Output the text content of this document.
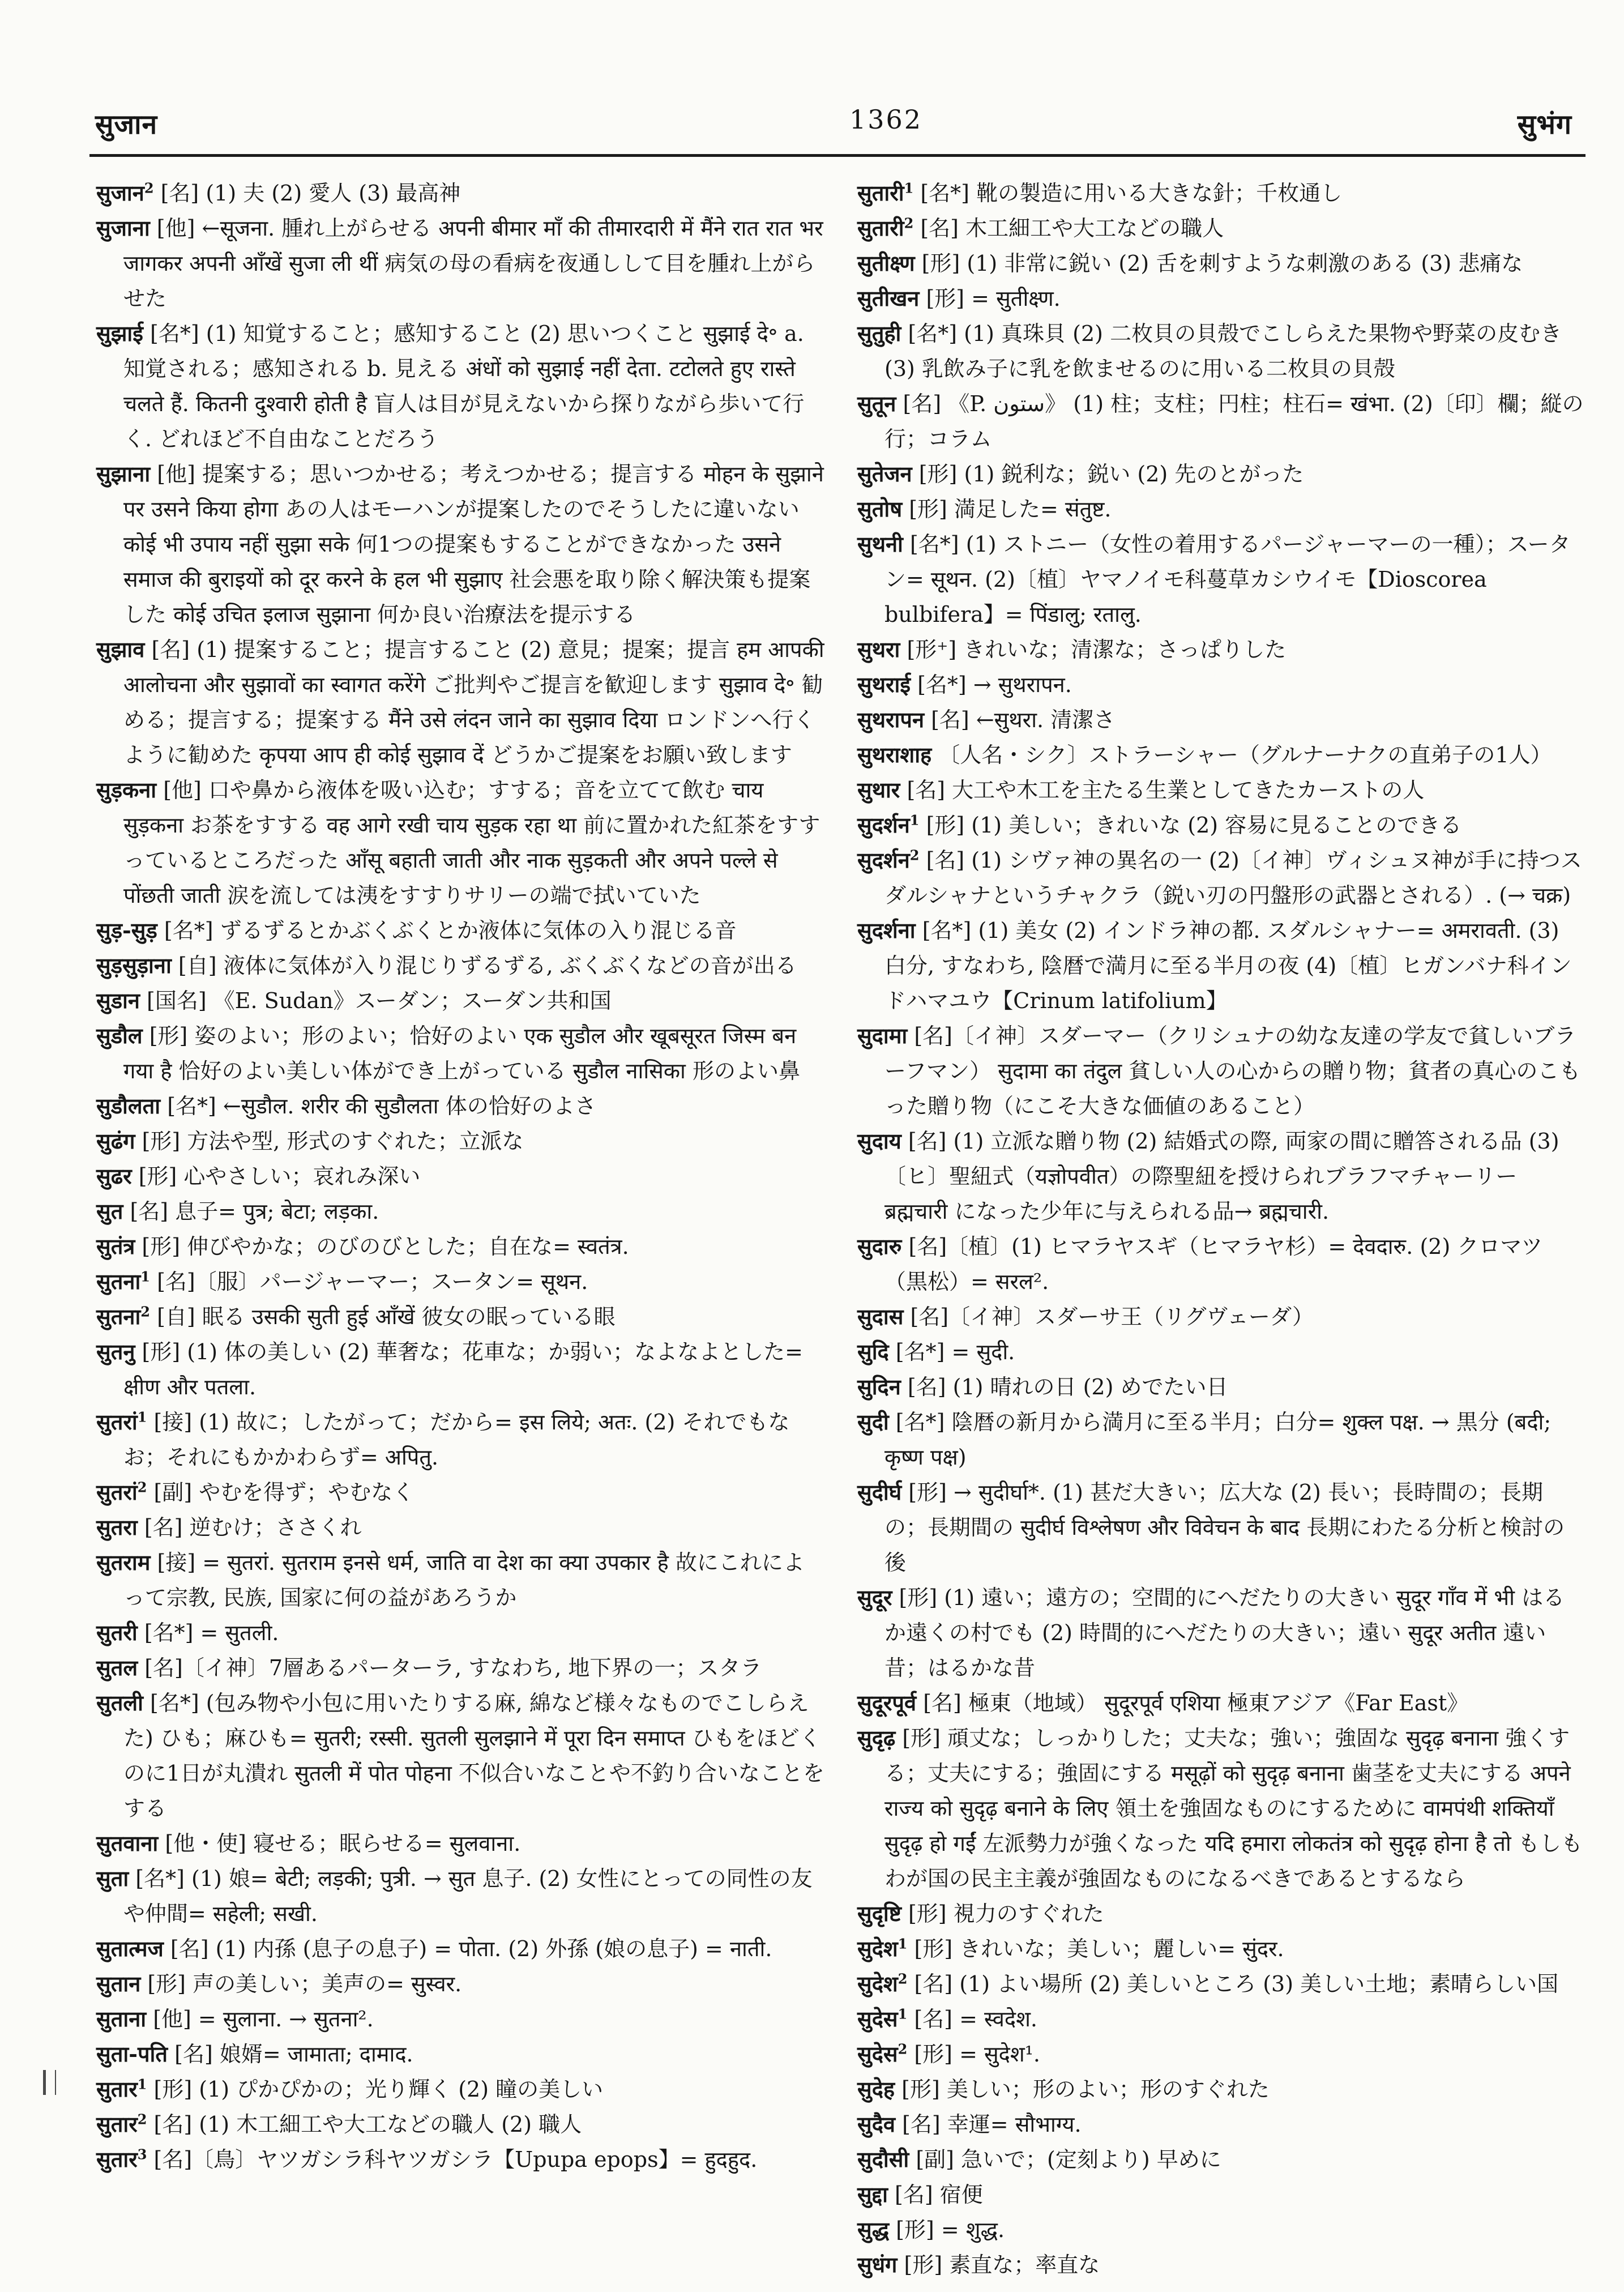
सुजान	1362	सुभंग
सुजान$^2$ [名] (1) 夫 (2) 愛人 (3) 最高神
सुजाना [他] ←सूजना. 腫れ上がらせる अपनी बीमार माँ की तीमारदारी में मैंने रात रात भर जागकर अपनी आँखें सुजा ली थीं 病気の母の看病を夜通しして目を腫れ上がらせた
सुझाई [名*] (1) 知覚すること；感知すること (2) 思いつくこと सुझाई दे॰ a. 知覚される；感知される b. 見える अंधों को सुझाई नहीं देता. टटोलते हुए रास्ते चलते हैं. कितनी दुश्वारी होती है 盲人は目が見えないから探りながら歩いて行く. どれほど不自由なことだろう
सुझाना [他] 提案する；思いつかせる；考えつかせる；提言する मोहन के सुझाने पर उसने किया होगा あの人はモーハンが提案したのでそうしたに違いない कोई भी उपाय नहीं सुझा सके 何1つの提案もすることができなかった उसने समाज की बुराइयों को दूर करने के हल भी सुझाए 社会悪を取り除く解決策も提案した कोई उचित इलाज सुझाना 何か良い治療法を提示する
सुझाव [名] (1) 提案すること；提言すること (2) 意見；提案；提言 हम आपकी आलोचना और सुझावों का स्वागत करेंगे ご批判やご提言を歓迎します सुझाव दे॰ 勧める；提言する；提案する मैंने उसे लंदन जाने का सुझाव दिया ロンドンへ行くように勧めた कृपया आप ही कोई सुझाव दें どうかご提案をお願い致します
सुड़कना [他] 口や鼻から液体を吸い込む；すする；音を立てて飲む चाय सुड़कना お茶をすする वह आगे रखी चाय सुड़क रहा था 前に置かれた紅茶をすすっているところだった आँसू बहाती जाती और नाक सुड़कती और अपने पल्ले से पोंछती जाती 涙を流しては洟をすすりサリーの端で拭いていた
सुड़-सुड़ [名*] ずるずるとかぶくぶくとか液体に気体の入り混じる音
सुड़सुड़ाना [自] 液体に気体が入り混じりずるずる, ぶくぶくなどの音が出る
सुडान [国名] 《E. Sudan》スーダン；スーダン共和国
सुडौल [形] 姿のよい；形のよい；恰好のよい एक सुडौल और खूबसूरत जिस्म बन गया है 恰好のよい美しい体ができ上がっている सुडौल नासिका 形のよい鼻
सुडौलता [名*] ←सुडौल. शरीर की सुडौलता 体の恰好のよさ
सुढंग [形] 方法や型, 形式のすぐれた；立派な
सुढर [形] 心やさしい；哀れみ深い
सुत [名] 息子= पुत्र; बेटा; लड़का.
सुतंत्र [形] 伸びやかな；のびのびとした；自在な= स्वतंत्र.
सुतना$^1$ [名]〔服〕パージャーマー；スータン= सूथन.
सुतना$^2$ [自] 眠る उसकी सुती हुई आँखें 彼女の眠っている眼
सुतनु [形] (1) 体の美しい (2) 華奢な；花車な；か弱い；なよなよとした= क्षीण और पतला.
सुतरां$^1$ [接] (1) 故に；したがって；だから= इस लिये; अतः. (2) それでもなお；それにもかかわらず= अपितु.
सुतरां$^2$ [副] やむを得ず；やむなく
सुतरा [名] 逆むけ；ささくれ
सुतराम [接] = सुतरां. सुतराम इनसे धर्म, जाति वा देश का क्या उपकार है 故にこれによって宗教, 民族, 国家に何の益があろうか
सुतरी [名*] = सुतली.
सुतल [名]〔イ神〕7層あるパーターラ, すなわち, 地下界の一；スタラ
सुतली [名*] (包み物や小包に用いたりする麻, 綿など様々なものでこしらえた) ひも；麻ひも= सुतरी; रस्सी. सुतली सुलझाने में पूरा दिन समाप्त ひもをほどくのに1日が丸潰れ सुतली में पोत पोहना 不似合いなことや不釣り合いなことをする
सुतवाना [他・使] 寝せる；眠らせる= सुलवाना.
सुता [名*] (1) 娘= बेटी; लड़की; पुत्री. → सुत 息子. (2) 女性にとっての同性の友や仲間= सहेली; सखी.
सुतात्मज [名] (1) 内孫 (息子の息子) = पोता. (2) 外孫 (娘の息子) = नाती.
सुतान [形] 声の美しい；美声の= सुस्वर.
सुताना [他] = सुलाना. → सुतना².
सुता-पति [名] 娘婿= जामाता; दामाद.
सुतार$^1$ [形] (1) ぴかぴかの；光り輝く (2) 瞳の美しい
सुतार$^2$ [名] (1) 木工細工や大工などの職人 (2) 職人
सुतार$^3$ [名]〔鳥〕ヤツガシラ科ヤツガシラ【Upupa epops】= हुदहुद.
सुतारी$^1$ [名*] 靴の製造に用いる大きな針；千枚通し
सुतारी$^2$ [名] 木工細工や大工などの職人
सुतीक्ष्ण [形] (1) 非常に鋭い (2) 舌を刺すような刺激のある (3) 悲痛な
सुतीखन [形] = सुतीक्ष्ण.
सुतुही [名*] (1) 真珠貝 (2) 二枚貝の貝殻でこしらえた果物や野菜の皮むき (3) 乳飲み子に乳を飲ませるのに用いる二枚貝の貝殻
सुतून [名] 《P. ستون》 (1) 柱；支柱；円柱；柱石= खंभा. (2)〔印〕欄；縦の行；コラム
सुतेजन [形] (1) 鋭利な；鋭い (2) 先のとがった
सुतोष [形] 満足した= संतुष्ट.
सुथनी [名*] (1) ストニー（女性の着用するパージャーマーの一種）；スータン= सूथन. (2)〔植〕ヤマノイモ科蔓草カシウイモ【Dioscorea bulbifera】= पिंडालु; रतालु.
सुथरा [形⁺] きれいな；清潔な；さっぱりした
सुथराई [名*] → सुथरापन.
सुथरापन [名] ←सुथरा. 清潔さ
सुथराशाह 〔人名・シク〕ストラーシャー（グルナーナクの直弟子の1人）
सुथार [名] 大工や木工を主たる生業としてきたカーストの人
सुदर्शन$^1$ [形] (1) 美しい；きれいな (2) 容易に見ることのできる
सुदर्शन$^2$ [名] (1) シヴァ神の異名の一 (2)〔イ神〕ヴィシュヌ神が手に持つスダルシャナというチャクラ（鋭い刃の円盤形の武器とされる）. (→ चक्र)
सुदर्शना [名*] (1) 美女 (2) インドラ神の都. スダルシャナー= अमरावती. (3) 白分, すなわち, 陰暦で満月に至る半月の夜 (4)〔植〕ヒガンバナ科インドハマユウ【Crinum latifolium】
सुदामा [名]〔イ神〕スダーマー（クリシュナの幼な友達の学友で貧しいブラーフマン） सुदामा का तंदुल 貧しい人の心からの贈り物；貧者の真心のこもった贈り物（にこそ大きな価値のあること）
सुदाय [名] (1) 立派な贈り物 (2) 結婚式の際, 両家の間に贈答される品 (3)〔ヒ〕聖紐式（यज्ञोपवीत）の際聖紐を授けられブラフマチャーリー ब्रह्मचारी になった少年に与えられる品→ ब्रह्मचारी.
सुदारु [名]〔植〕(1) ヒマラヤスギ（ヒマラヤ杉）= देवदारु. (2) クロマツ（黒松）= सरल².
सुदास [名]〔イ神〕スダーサ王（リグヴェーダ）
सुदि [名*] = सुदी.
सुदिन [名] (1) 晴れの日 (2) めでたい日
सुदी [名*] 陰暦の新月から満月に至る半月；白分= शुक्ल पक्ष. → 黒分 (बदी; कृष्ण पक्ष)
सुदीर्घ [形] → सुदीर्घा*. (1) 甚だ大きい；広大な (2) 長い；長時間の；長期の；長期間の सुदीर्घ विश्लेषण और विवेचन के बाद 長期にわたる分析と検討の後
सुदूर [形] (1) 遠い；遠方の；空間的にへだたりの大きい सुदूर गाँव में भी はるか遠くの村でも (2) 時間的にへだたりの大きい；遠い सुदूर अतीत 遠い昔；はるかな昔
सुदूरपूर्व [名] 極東（地域） सुदूरपूर्व एशिया 極東アジア《Far East》
सुदृढ़ [形] 頑丈な；しっかりした；丈夫な；強い；強固な सुदृढ़ बनाना 強くする；丈夫にする；強固にする मसूढ़ों को सुदृढ़ बनाना 歯茎を丈夫にする अपने राज्य को सुदृढ़ बनाने के लिए 領土を強固なものにするために वामपंथी शक्तियाँ सुदृढ़ हो गईं 左派勢力が強くなった यदि हमारा लोकतंत्र को सुदृढ़ होना है तो もしもわが国の民主主義が強固なものになるべきであるとするなら
सुदृष्टि [形] 視力のすぐれた
सुदेश$^1$ [形] きれいな；美しい；麗しい= सुंदर.
सुदेश$^2$ [名] (1) よい場所 (2) 美しいところ (3) 美しい土地；素晴らしい国
सुदेस$^1$ [名] = स्वदेश.
सुदेस$^2$ [形] = सुदेश¹.
सुदेह [形] 美しい；形のよい；形のすぐれた
सुदैव [名] 幸運= सौभाग्य.
सुदौसी [副] 急いで；(定刻より) 早めに
सुद्दा [名] 宿便
सुद्ध [形] = शुद्ध.
सुधंग [形] 素直な；率直な
